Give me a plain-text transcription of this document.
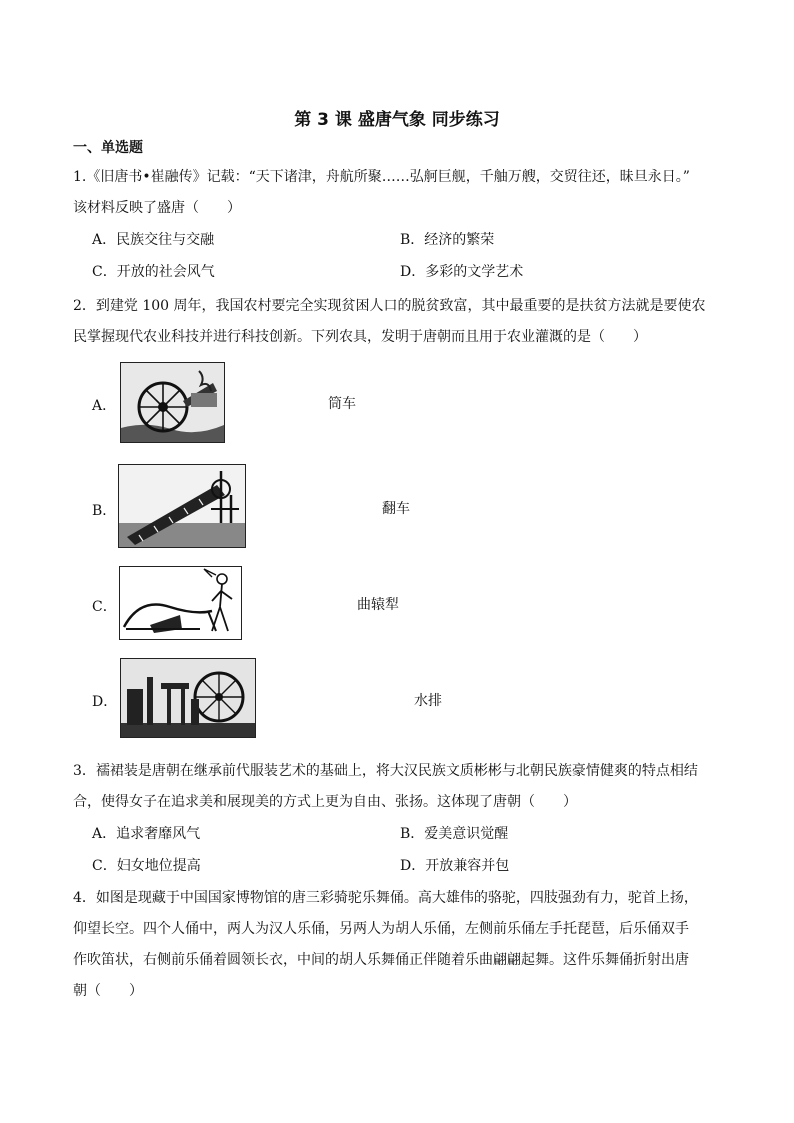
第 3 课 盛唐气象 同步练习
一、单选题
1.《旧唐书•崔融传》记载：“天下诸津，舟航所聚……弘舸巨舰，千舳万艘，交贸往还，昧旦永日。”
该材料反映了盛唐（　　）
A．民族交往与交融	B．经济的繁荣
C．开放的社会风气	D．多彩的文学艺术
2．到建党 100 周年，我国农村要完全实现贫困人口的脱贫致富，其中最重要的是扶贫方法就是要使农
民掌握现代农业科技并进行科技创新。下列农具，发明于唐朝而且用于农业灌溉的是（　　）
A．	筒车
B．	翻车
C．	曲辕犁
D．	水排
3．襦裙装是唐朝在继承前代服装艺术的基础上，将大汉民族文质彬彬与北朝民族豪情健爽的特点相结
合，使得女子在追求美和展现美的方式上更为自由、张扬。这体现了唐朝（　　）
A．追求奢靡风气	B．爱美意识觉醒
C．妇女地位提高	D．开放兼容并包
4．如图是现藏于中国国家博物馆的唐三彩骑驼乐舞俑。高大雄伟的骆驼，四肢强劲有力，驼首上扬，
仰望长空。四个人俑中，两人为汉人乐俑，另两人为胡人乐俑，左侧前乐俑左手托琵琶，后乐俑双手
作吹笛状，右侧前乐俑着圆领长衣，中间的胡人乐舞俑正伴随着乐曲翩翩起舞。这件乐舞俑折射出唐
朝（　　）
